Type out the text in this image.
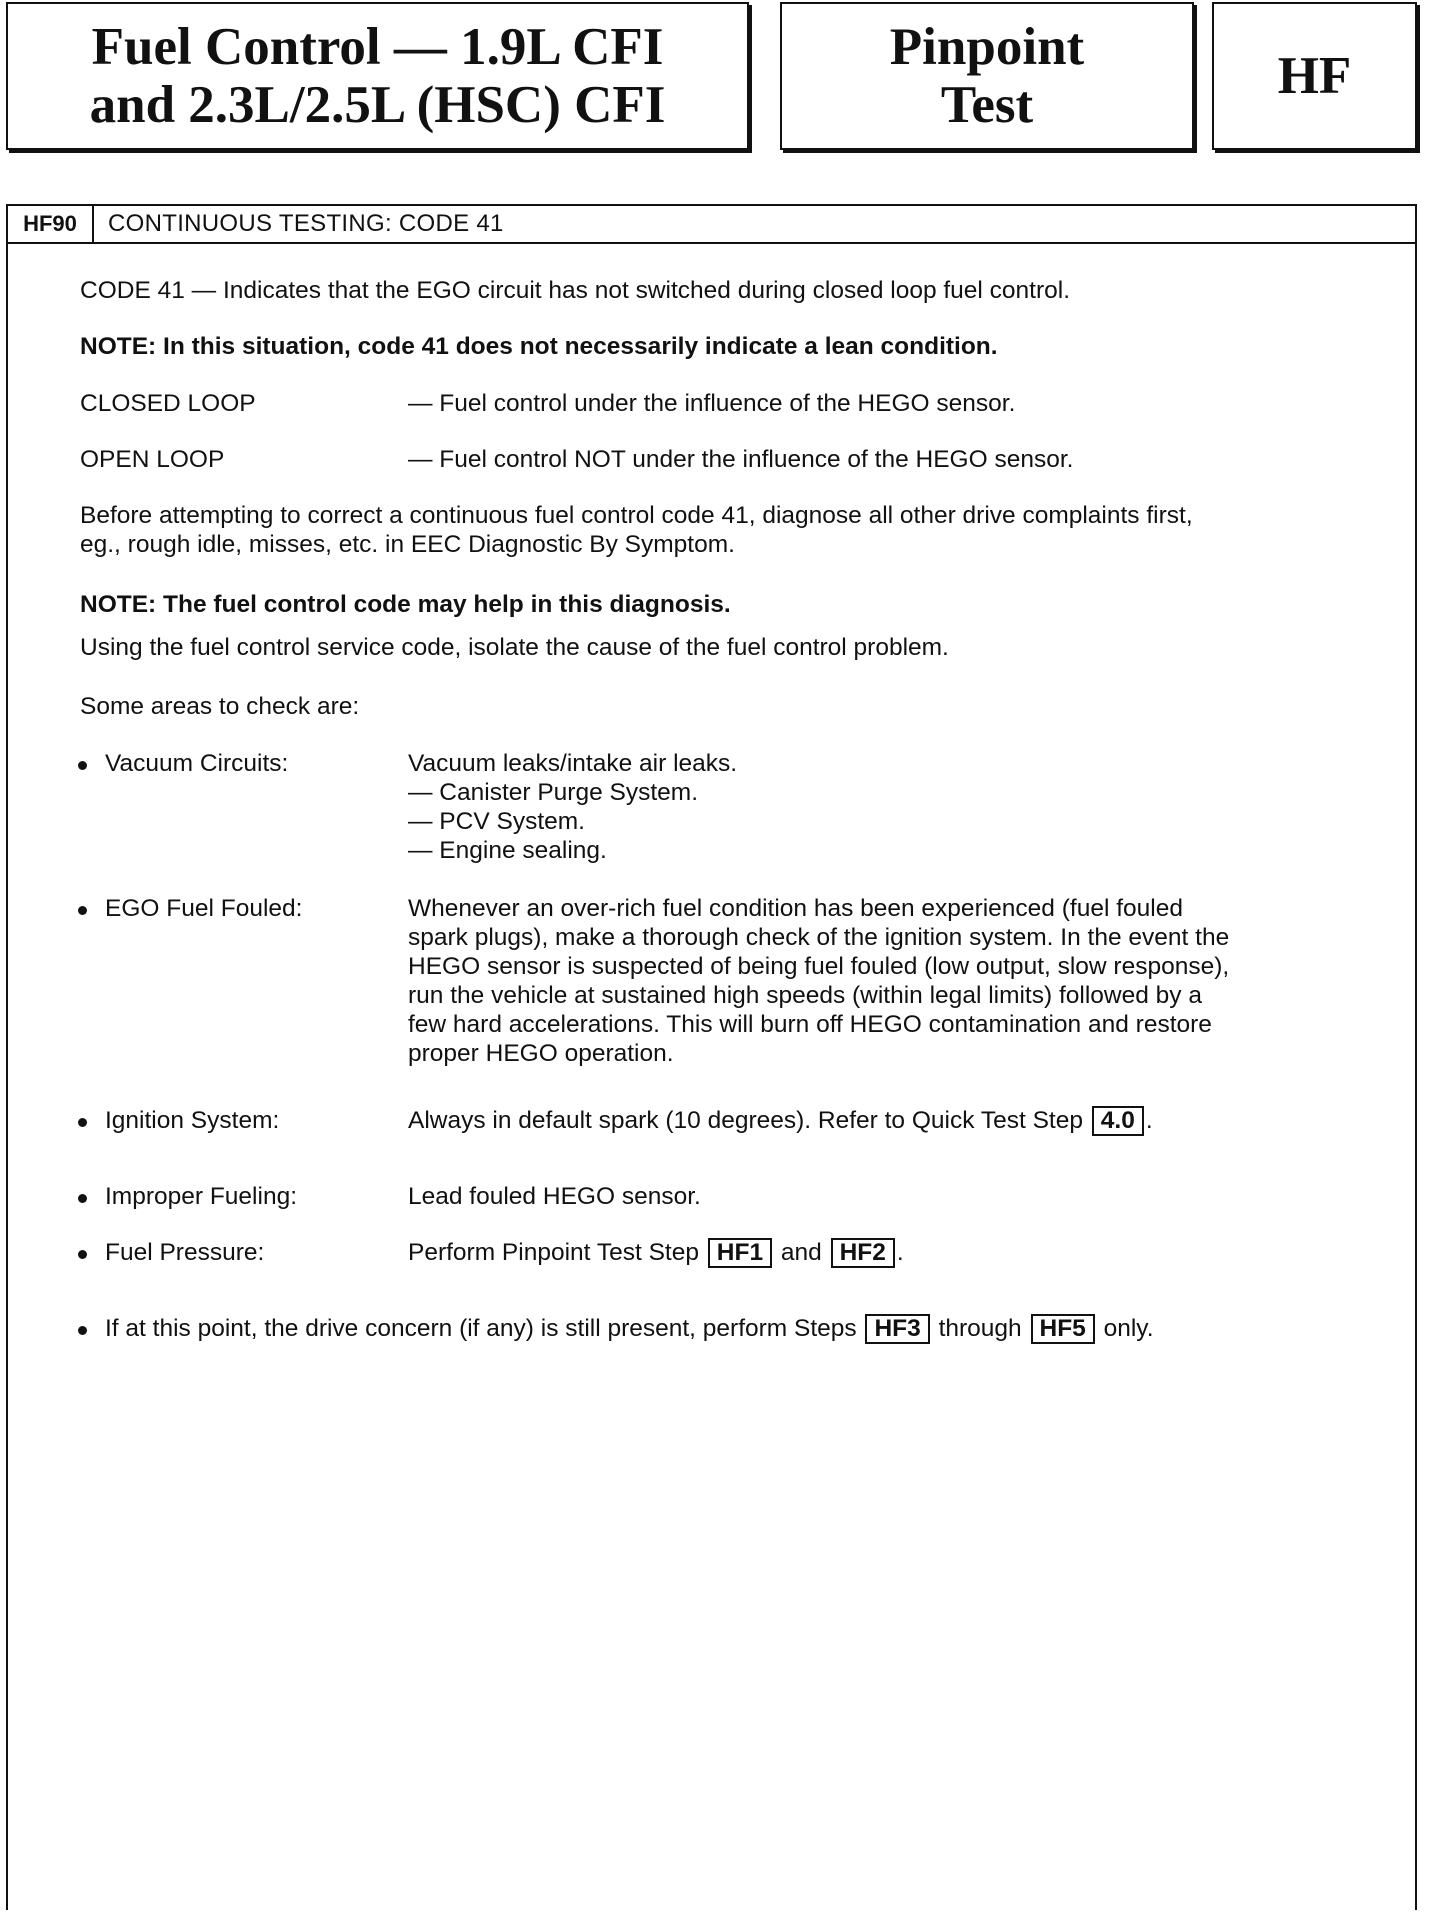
Fuel Control — 1.9L CFI
and 2.3L/2.5L (HSC) CFI
Pinpoint
Test	HF
HF90	CONTINUOUS TESTING: CODE 41

CODE 41 — Indicates that the EGO circuit has not switched during closed loop fuel control.

NOTE: In this situation, code 41 does not necessarily indicate a lean condition.

CLOSED LOOP	— Fuel control under the influence of the HEGO sensor.

OPEN LOOP	— Fuel control NOT under the influence of the HEGO sensor.

Before attempting to correct a continuous fuel control code 41, diagnose all other drive complaints first,

eg., rough idle, misses, etc. in EEC Diagnostic By Symptom.

NOTE: The fuel control code may help in this diagnosis.

Using the fuel control service code, isolate the cause of the fuel control problem.

Some areas to check are:

Vacuum Circuits:	Vacuum leaks/intake air leaks.
— Canister Purge System.
— PCV System.
— Engine sealing.
EGO Fuel Fouled:	Whenever an over-rich fuel condition has been experienced (fuel fouled
spark plugs), make a thorough check of the ignition system. In the event the
HEGO sensor is suspected of being fuel fouled (low output, slow response),
run the vehicle at sustained high speeds (within legal limits) followed by a
few hard accelerations. This will burn off HEGO contamination and restore
proper HEGO operation.
Ignition System:	Always in default spark (10 degrees). Refer to Quick Test Step 4.0 .
Improper Fueling:	Lead fouled HEGO sensor.
Fuel Pressure:	Perform Pinpoint Test Step HF1 and HF2 .
If at this point, the drive concern (if any) is still present, perform Steps HF3 through HF5 only.
